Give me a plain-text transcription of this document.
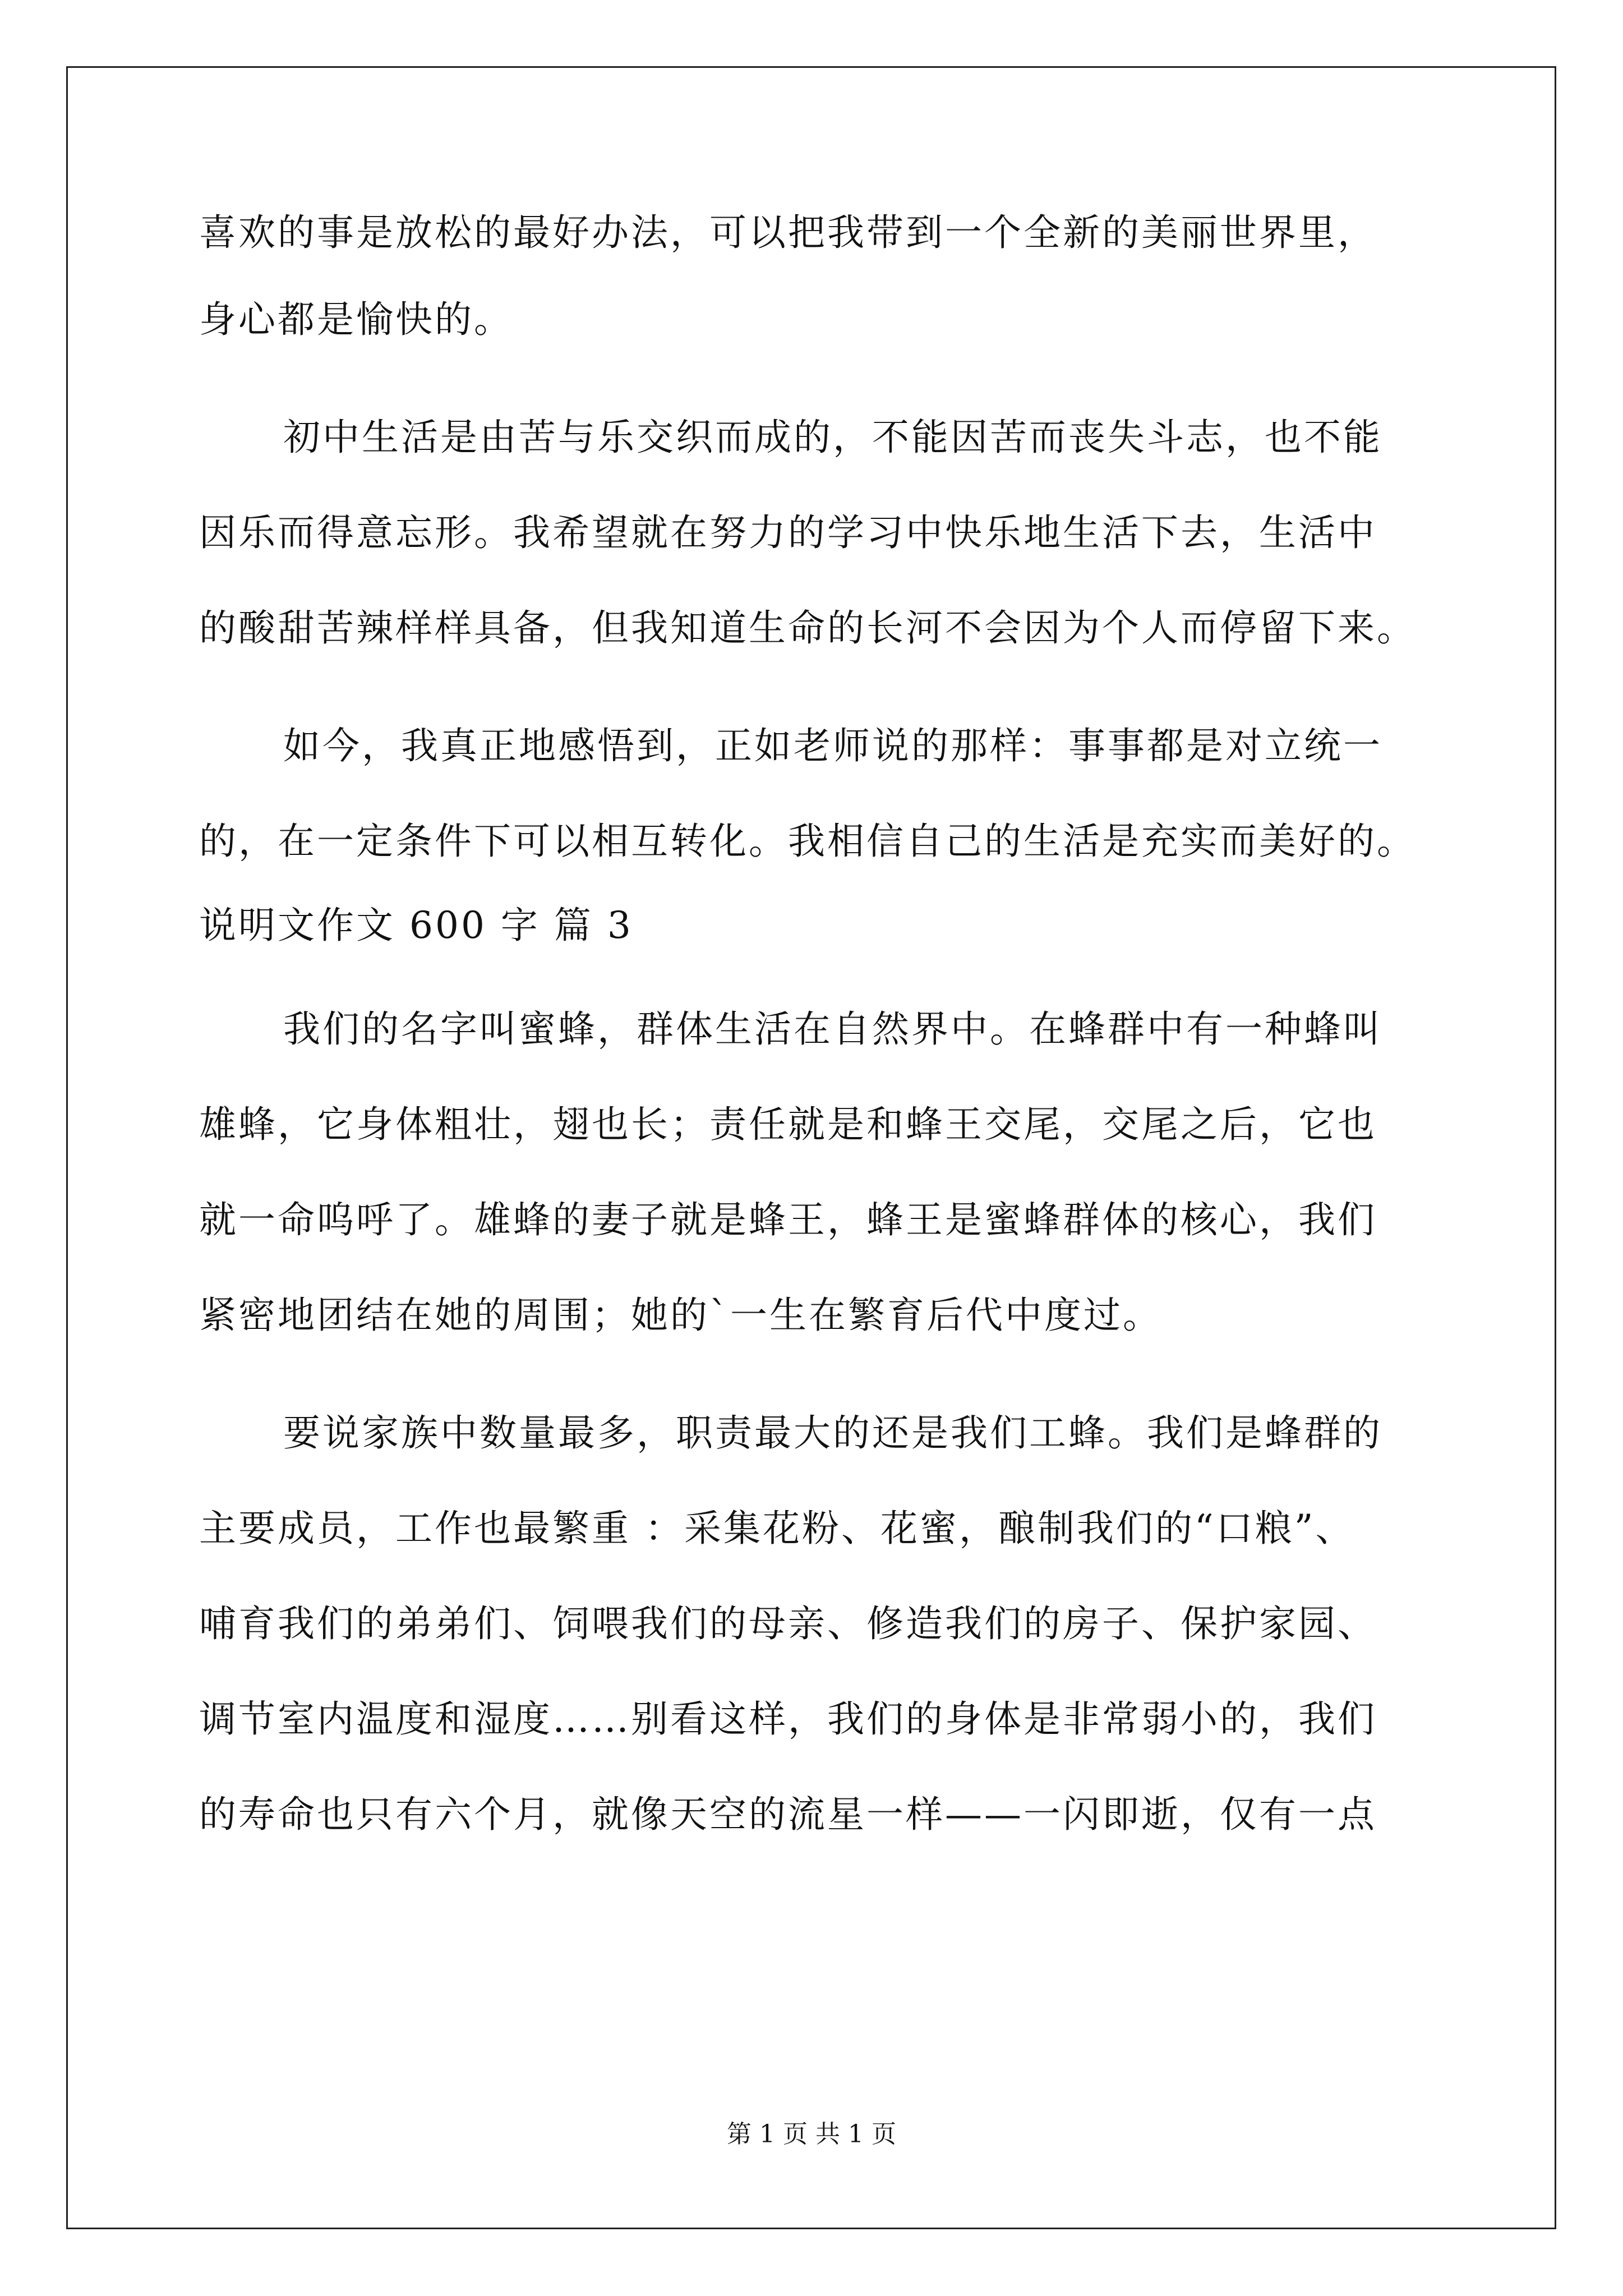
喜欢的事是放松的最好办法，可以把我带到一个全新的美丽世界里，
身心都是愉快的。
初中生活是由苦与乐交织而成的，不能因苦而丧失斗志，也不能
因乐而得意忘形。我希望就在努力的学习中快乐地生活下去，生活中
的酸甜苦辣样样具备，但我知道生命的长河不会因为个人而停留下来。
如今，我真正地感悟到，正如老师说的那样：事事都是对立统一
的，在一定条件下可以相互转化。我相信自己的生活是充实而美好的。
说明文作文 600 字 篇 3
我们的名字叫蜜蜂，群体生活在自然界中。在蜂群中有一种蜂叫
雄蜂，它身体粗壮，翅也长；责任就是和蜂王交尾，交尾之后，它也
就一命呜呼了。雄蜂的妻子就是蜂王，蜂王是蜜蜂群体的核心，我们
紧密地团结在她的周围；她的`一生在繁育后代中度过。
要说家族中数量最多，职责最大的还是我们工蜂。我们是蜂群的
主要成员，工作也最繁重 ：采集花粉、花蜜，酿制我们的“口粮”、
哺育我们的弟弟们、饲喂我们的母亲、修造我们的房子、保护家园、
调节室内温度和湿度……别看这样，我们的身体是非常弱小的，我们
的寿命也只有六个月，就像天空的流星一样——一闪即逝，仅有一点
第 1 页 共 1 页
